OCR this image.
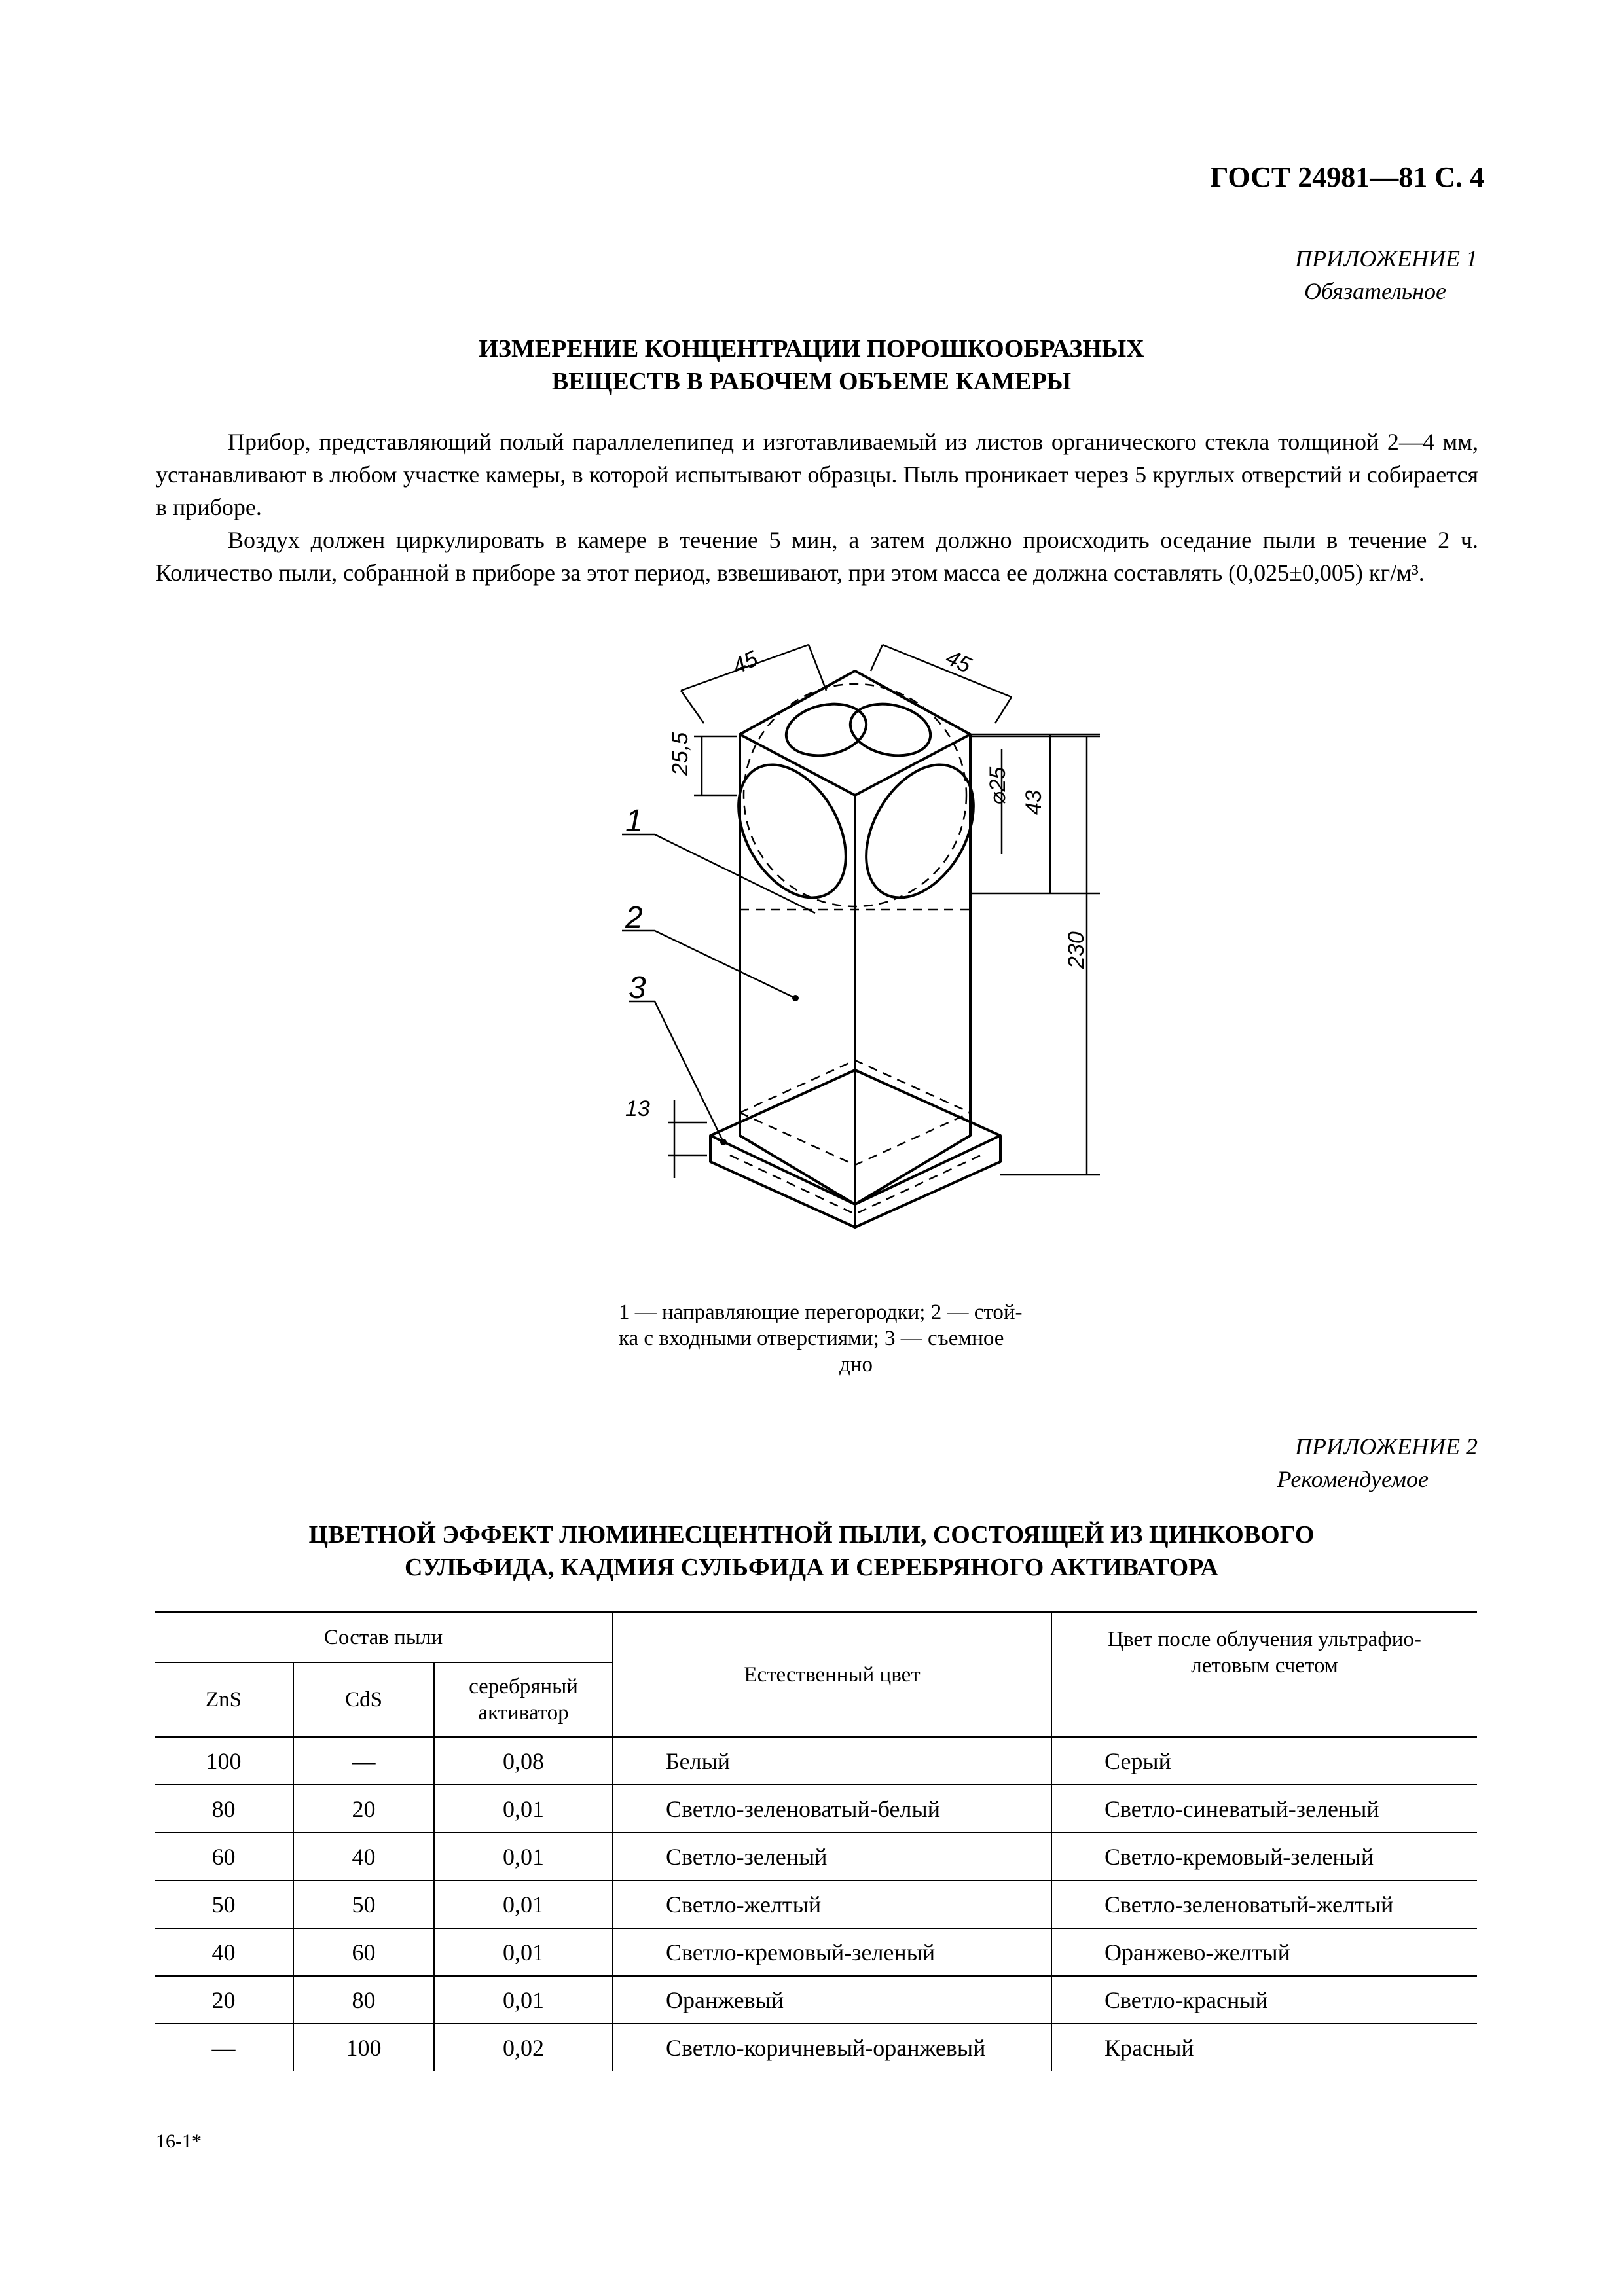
ГОСТ 24981—81 С. 4
ПРИЛОЖЕНИЕ 1
Обязательное
ИЗМЕРЕНИЕ КОНЦЕНТРАЦИИ ПОРОШКООБРАЗНЫХ
ВЕЩЕСТВ В РАБОЧЕМ ОБЪЕМЕ КАМЕРЫ

Прибор, представляющий полый параллелепипед и изготавливаемый из листов органического стекла толщиной 2—4 мм, устанавливают в любом участке камеры, в которой испытывают образцы. Пыль проникает через 5 круглых отверстий и собирается в приборе.

Воздух должен циркулировать в камере в течение 5 мин, а затем должно происходить оседание пыли в течение 2 ч. Количество пыли, собранной в приборе за этот период, взвешивают, при этом масса ее должна составлять (0,025±0,005) кг/м³.

45	45
25,5
⌀25 43
230
13
1
2
3
1 — направляющие перегородки; 2 — стой-
ка с входными отверстиями; 3 — съемное
дно
ПРИЛОЖЕНИЕ 2
Рекомендуемое
ЦВЕТНОЙ ЭФФЕКТ ЛЮМИНЕСЦЕНТНОЙ ПЫЛИ, СОСТОЯЩЕЙ ИЗ ЦИНКОВОГО
СУЛЬФИДА, КАДМИЯ СУЛЬФИДА И СЕРЕБРЯНОГО АКТИВАТОРА
Состав пыли			Естественный цвет	Цвет после облучения ультрафио-летовым счетом
ZnS	CdS	серебряный активатор		
100	—	0,08	Белый	Серый
80	20	0,01	Светло-зеленоватый-белый	Светло-синеватый-зеленый
60	40	0,01	Светло-зеленый	Светло-кремовый-зеленый
50	50	0,01	Светло-желтый	Светло-зеленоватый-желтый
40	60	0,01	Светло-кремовый-зеленый	Оранжево-желтый
20	80	0,01	Оранжевый	Светло-красный
—	100	0,02	Светло-коричневый-оранжевый	Красный
16-1*
